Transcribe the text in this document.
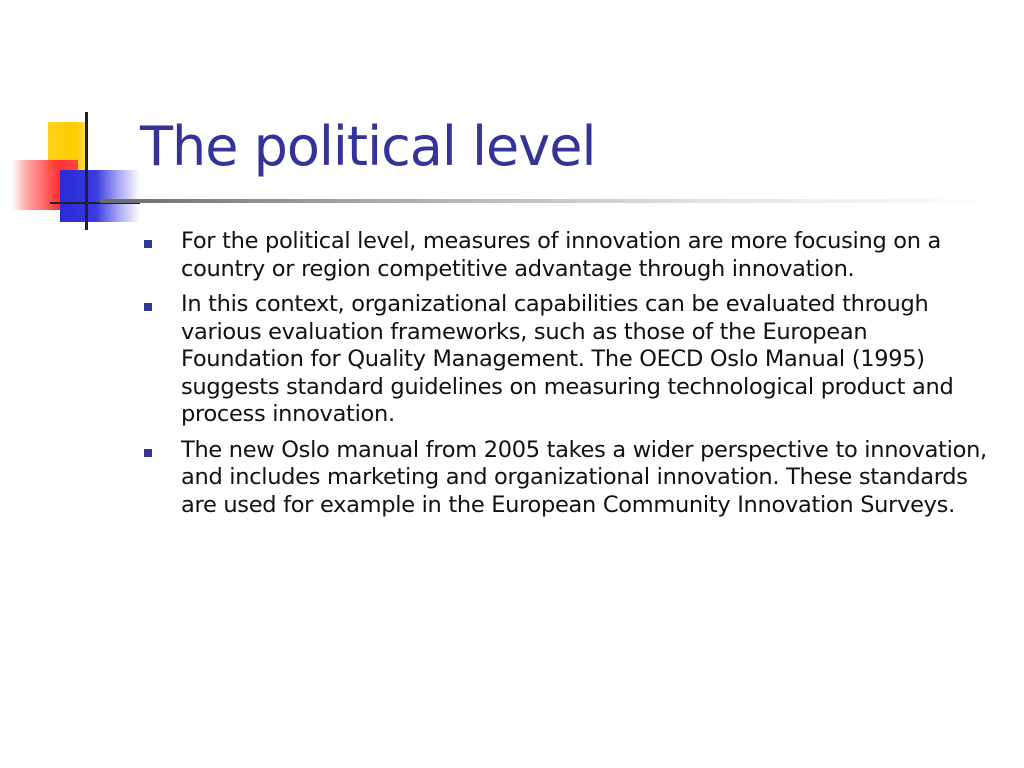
The political level
For the political level, measures of innovation are more focusing on a country or region competitive advantage through innovation.
In this context, organizational capabilities can be evaluated through various evaluation frameworks, such as those of the European Foundation for Quality Management. The OECD Oslo Manual (1995) suggests standard guidelines on measuring technological product and process innovation.
The new Oslo manual from 2005 takes a wider perspective to innovation, and includes marketing and organizational innovation. These standards are used for example in the European Community Innovation Surveys.
